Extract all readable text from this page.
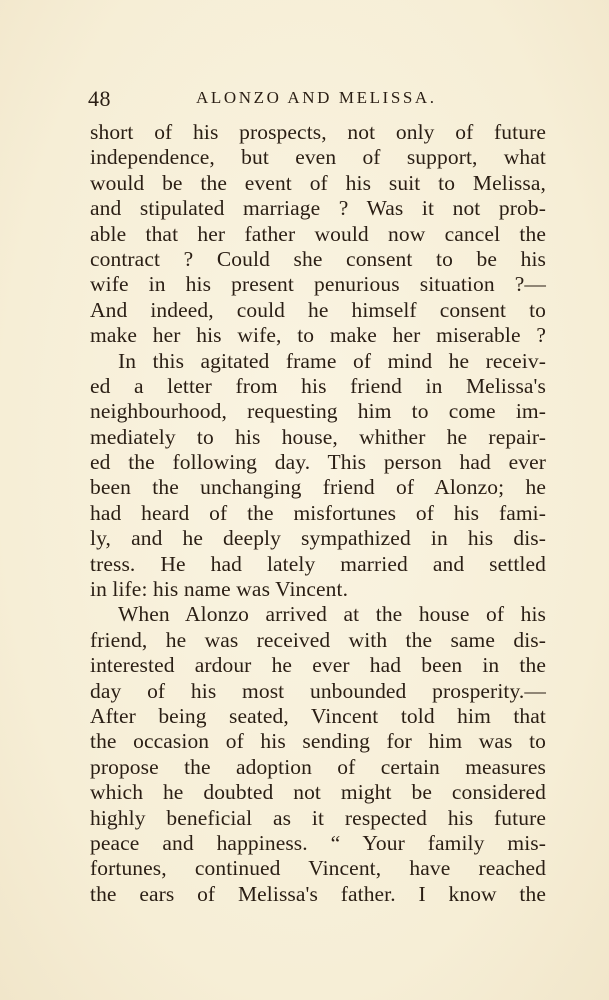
48	ALONZO AND MELISSA.
short of his prospects, not only of future
independence, but even of support, what
would be the event of his suit to Melissa,
and stipulated marriage ? Was it not prob-
able that her father would now cancel the
contract ? Could she consent to be his
wife in his present penurious situation ?—
And indeed, could he himself consent to
make her his wife, to make her miserable ?
In this agitated frame of mind he receiv-
ed a letter from his friend in Melissa's
neighbourhood, requesting him to come im-
mediately to his house, whither he repair-
ed the following day. This person had ever
been the unchanging friend of Alonzo; he
had heard of the misfortunes of his fami-
ly, and he deeply sympathized in his dis-
tress. He had lately married and settled
in life: his name was Vincent.
When Alonzo arrived at the house of his
friend, he was received with the same dis-
interested ardour he ever had been in the
day of his most unbounded prosperity.—
After being seated, Vincent told him that
the occasion of his sending for him was to
propose the adoption of certain measures
which he doubted not might be considered
highly beneficial as it respected his future
peace and happiness. “ Your family mis-
fortunes, continued Vincent, have reached
the ears of Melissa's father. I know the
